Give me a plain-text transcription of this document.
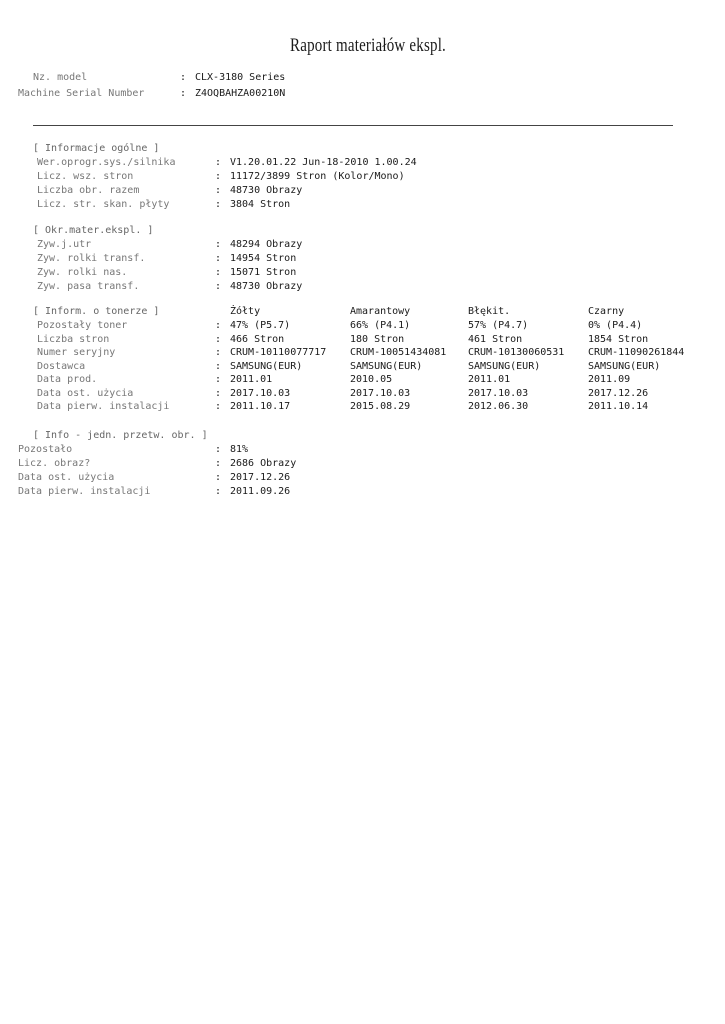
Raport materiałów ekspl.
Nz. model	: CLX-3180 Series
Machine Serial Number	: Z4OQBAHZA00210N
[ Informacje ogólne ]
Wer.oprogr.sys./silnika	: V1.20.01.22 Jun-18-2010 1.00.24
Licz. wsz. stron	: 11172/3899 Stron (Kolor/Mono)
Liczba obr. razem	: 48730 Obrazy
Licz. str. skan. płyty	: 3804 Stron
[ Okr.mater.ekspl. ]
Zyw.j.utr	: 48294 Obrazy
Zyw. rolki transf.	: 14954 Stron
Zyw. rolki nas.	: 15071 Stron
Zyw. pasa transf.	: 48730 Obrazy
[ Inform. o tonerze ]	Żółty	Amarantowy	Błękit.	Czarny
Pozostały toner	: 47% (P5.7)	66% (P4.1)	57% (P4.7)	0% (P4.4)
Liczba stron	: 466 Stron	180 Stron	461 Stron	1854 Stron
Numer seryjny	: CRUM-10110077717 CRUM-10051434081 CRUM-10130060531 CRUM-11090261844
Dostawca	: SAMSUNG(EUR)	SAMSUNG(EUR)	SAMSUNG(EUR)	SAMSUNG(EUR)
Data prod.	: 2011.01	2010.05	2011.01	2011.09
Data ost. użycia	: 2017.10.03	2017.10.03	2017.10.03	2017.12.26
Data pierw. instalacji	: 2011.10.17	2015.08.29	2012.06.30	2011.10.14
[ Info - jedn. przetw. obr. ]
Pozostało	: 81%
Licz. obraz?	: 2686 Obrazy
Data ost. użycia	: 2017.12.26
Data pierw. instalacji	: 2011.09.26
